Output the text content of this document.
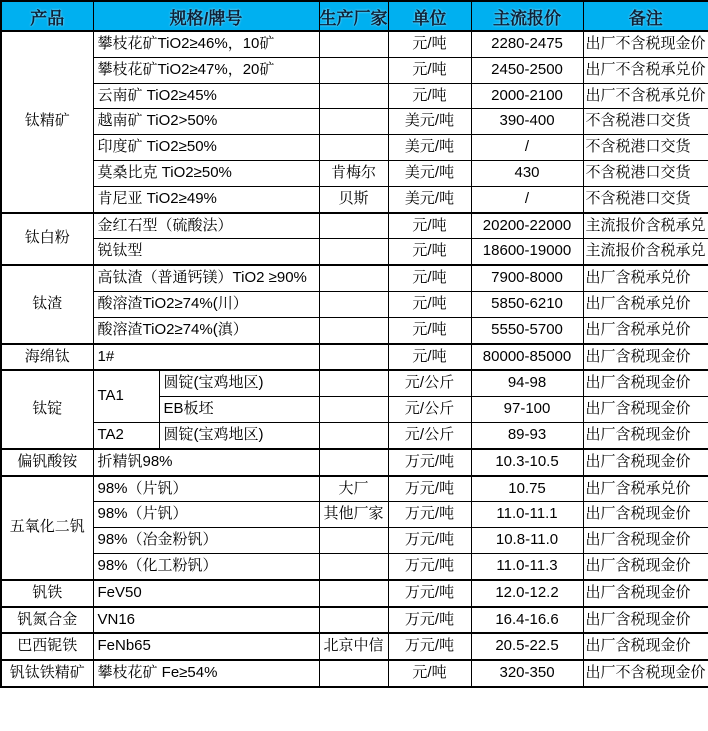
产品	规格/牌号		生产厂家	单位	主流报价	备注
钛精矿	攀枝花矿TiO2≥46%，10矿			元/吨	2280-2475	出厂不含税现金价
	攀枝花矿TiO2≥47%，20矿			元/吨	2450-2500	出厂不含税承兑价
	云南矿 TiO2≥45%			元/吨	2000-2100	出厂不含税承兑价
	越南矿 TiO2>50%			美元/吨	390-400	不含税港口交货
	印度矿 TiO2≥50%			美元/吨	/	不含税港口交货
	莫桑比克 TiO2≥50%		肯梅尔	美元/吨	430	不含税港口交货
	肯尼亚 TiO2≥49%		贝斯	美元/吨	/	不含税港口交货
钛白粉	金红石型（硫酸法）			元/吨	20200-22000	主流报价含税承兑
	锐钛型			元/吨	18600-19000	主流报价含税承兑
钛渣	高钛渣（普通钙镁）TiO2 ≥90%			元/吨	7900-8000	出厂含税承兑价
	酸溶渣TiO2≥74%(川）			元/吨	5850-6210	出厂含税承兑价
	酸溶渣TiO2≥74%(滇）			元/吨	5550-5700	出厂含税承兑价
海绵钛	1#			元/吨	80000-85000	出厂含税现金价
钛锭	TA1	圆锭(宝鸡地区)		元/公斤	94-98	出厂含税现金价
		EB板坯		元/公斤	97-100	出厂含税现金价
	TA2	圆锭(宝鸡地区)		元/公斤	89-93	出厂含税现金价
偏钒酸铵	折精钒98%			万元/吨	10.3-10.5	出厂含税现金价
五氧化二钒	98%（片钒）		大厂	万元/吨	10.75	出厂含税承兑价
	98%（片钒）		其他厂家	万元/吨	11.0-11.1	出厂含税现金价
	98%（冶金粉钒）			万元/吨	10.8-11.0	出厂含税现金价
	98%（化工粉钒）			万元/吨	11.0-11.3	出厂含税现金价
钒铁	FeV50			万元/吨	12.0-12.2	出厂含税现金价
钒氮合金	VN16			万元/吨	16.4-16.6	出厂含税现金价
巴西铌铁	FeNb65		北京中信	万元/吨	20.5-22.5	出厂含税现金价
钒钛铁精矿	攀枝花矿 Fe≥54%			元/吨	320-350	出厂不含税现金价
